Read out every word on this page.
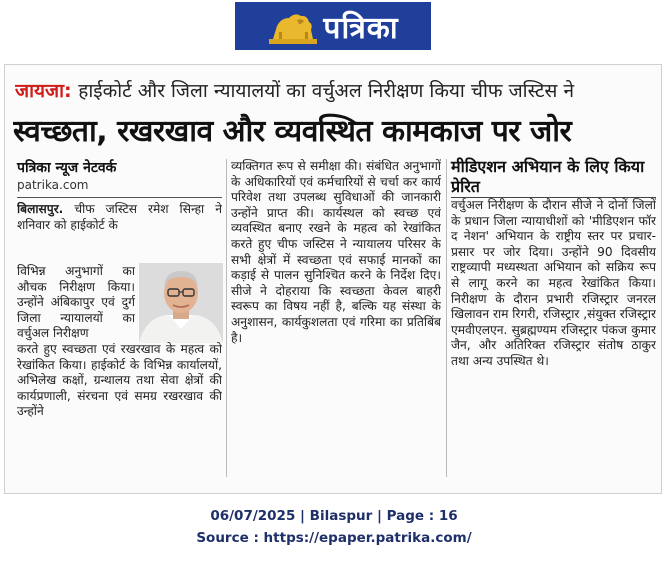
पत्रिका
जायजा: हाईकोर्ट और जिला न्यायालयों का वर्चुअल निरीक्षण किया चीफ जस्टिस ने
स्वच्छता, रखरखाव और व्यवस्थित कामकाज पर जोर
पत्रिका न्यूज नेटवर्क
patrika.com
बिलासपुर. चीफ जस्टिस रमेश सिन्हा ने शनिवार को हाईकोर्ट के
विभिन्न अनुभागों का औचक निरीक्षण किया। उन्होंने अंबिकापुर एवं दुर्ग जिला न्यायालयों का वर्चुअल निरीक्षण
करते हुए स्वच्छता एवं रखरखाव के महत्व को रेखांकित किया। हाईकोर्ट के विभिन्न कार्यालयों, अभिलेख कक्षों, ग्रन्थालय तथा सेवा क्षेत्रों की कार्यप्रणाली, संरचना एवं समग्र रखरखाव की उन्होंने
व्यक्तिगत रूप से समीक्षा की। संबंधित अनुभागों के अधिकारियों एवं कर्मचारियों से चर्चा कर कार्य परिवेश तथा उपलब्ध सुविधाओं की जानकारी उन्होंने प्राप्त की। कार्यस्थल को स्वच्छ एवं व्यवस्थित बनाए रखने के महत्व को रेखांकित करते हुए चीफ जस्टिस ने न्यायालय परिसर के सभी क्षेत्रों में स्वच्छता एवं सफाई मानकों का कड़ाई से पालन सुनिश्चित करने के निर्देश दिए। सीजे ने दोहराया कि स्वच्छता केवल बाहरी स्वरूप का विषय नहीं है, बल्कि यह संस्था के अनुशासन, कार्यकुशलता एवं गरिमा का प्रतिबिंब है।
मीडिएशन अभियान के लिए किया प्रेरित
वर्चुअल निरीक्षण के दौरान सीजे ने दोनों जिलों के प्रधान जिला न्यायाधीशों को 'मीडिएशन फॉर द नेशन' अभियान के राष्ट्रीय स्तर पर प्रचार-प्रसार पर जोर दिया। उन्होंने 90 दिवसीय राष्ट्रव्यापी मध्यस्थता अभियान को सक्रिय रूप से लागू करने का महत्व रेखांकित किया। निरीक्षण के दौरान प्रभारी रजिस्ट्रार जनरल खिलावन राम रिगरी, रजिस्ट्रार ,संयुक्त रजिस्ट्रार एमवीएलएन. सुब्रह्मण्यम रजिस्ट्रार पंकज कुमार जैन, और अतिरिक्त रजिस्ट्रार संतोष ठाकुर तथा अन्य उपस्थित थे।
06/07/2025 | Bilaspur | Page : 16
Source : https://epaper.patrika.com/
